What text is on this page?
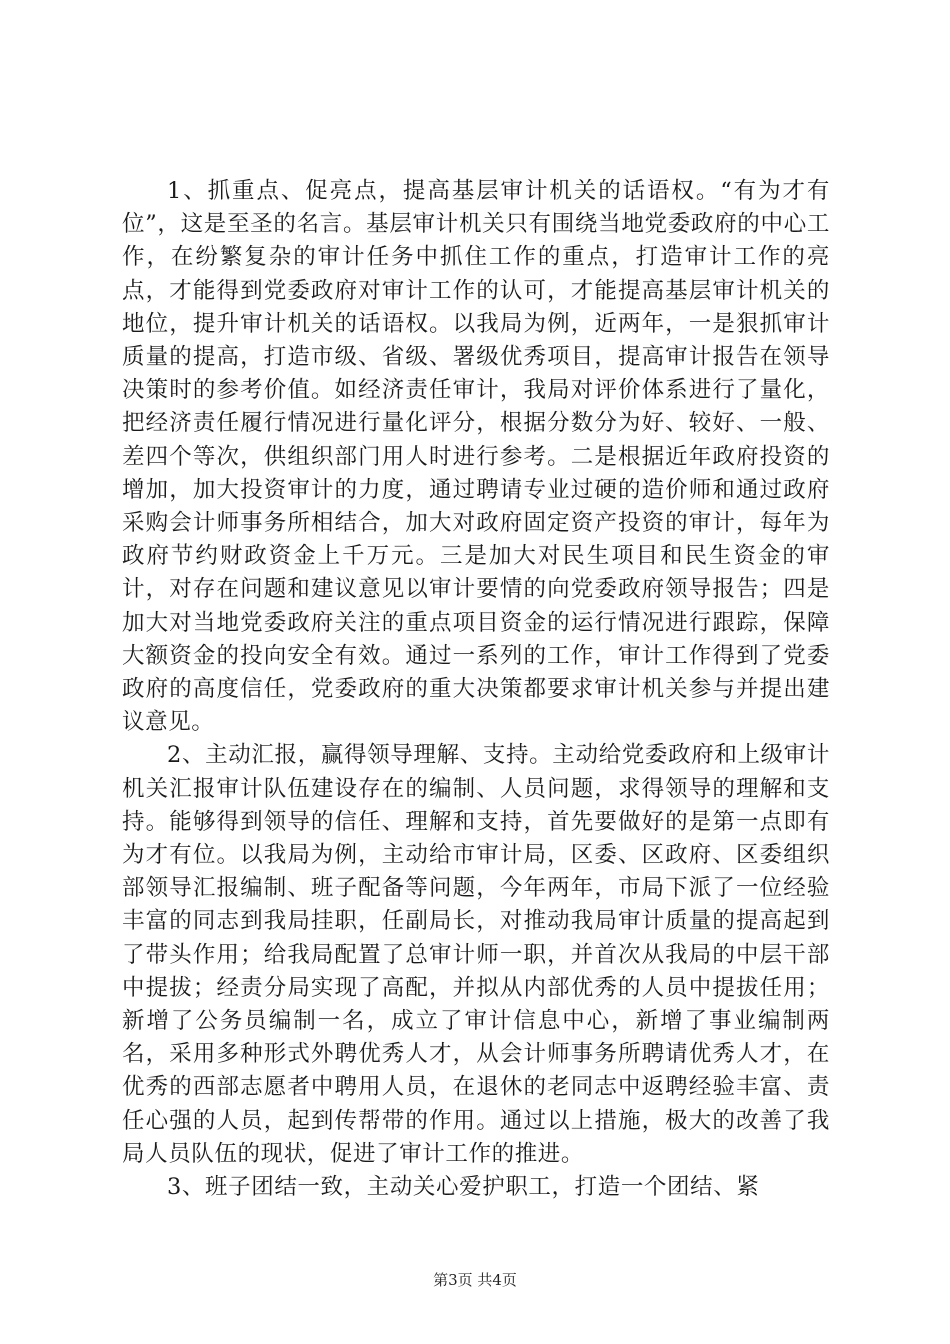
1、抓重点、促亮点，提高基层审计机关的话语权。“有为才有位”，这是至圣的名言。基层审计机关只有围绕当地党委政府的中心工作，在纷繁复杂的审计任务中抓住工作的重点，打造审计工作的亮点，才能得到党委政府对审计工作的认可，才能提高基层审计机关的地位，提升审计机关的话语权。以我局为例，近两年，一是狠抓审计质量的提高，打造市级、省级、署级优秀项目，提高审计报告在领导决策时的参考价值。如经济责任审计，我局对评价体系进行了量化，把经济责任履行情况进行量化评分，根据分数分为好、较好、一般、差四个等次，供组织部门用人时进行参考。二是根据近年政府投资的增加，加大投资审计的力度，通过聘请专业过硬的造价师和通过政府采购会计师事务所相结合，加大对政府固定资产投资的审计，每年为政府节约财政资金上千万元。三是加大对民生项目和民生资金的审计，对存在问题和建议意见以审计要情的向党委政府领导报告；四是加大对当地党委政府关注的重点项目资金的运行情况进行跟踪，保障大额资金的投向安全有效。通过一系列的工作，审计工作得到了党委政府的高度信任，党委政府的重大决策都要求审计机关参与并提出建议意见。

2、主动汇报，赢得领导理解、支持。主动给党委政府和上级审计机关汇报审计队伍建设存在的编制、人员问题，求得领导的理解和支持。能够得到领导的信任、理解和支持，首先要做好的是第一点即有为才有位。以我局为例，主动给市审计局，区委、区政府、区委组织部领导汇报编制、班子配备等问题，今年两年，市局下派了一位经验丰富的同志到我局挂职，任副局长，对推动我局审计质量的提高起到了带头作用；给我局配置了总审计师一职，并首次从我局的中层干部中提拔；经责分局实现了高配，并拟从内部优秀的人员中提拔任用；新增了公务员编制一名，成立了审计信息中心，新增了事业编制两名，采用多种形式外聘优秀人才，从会计师事务所聘请优秀人才，在优秀的西部志愿者中聘用人员，在退休的老同志中返聘经验丰富、责任心强的人员，起到传帮带的作用。通过以上措施，极大的改善了我局人员队伍的现状，促进了审计工作的推进。

3、班子团结一致，主动关心爱护职工，打造一个团结、紧

第3页 共4页
